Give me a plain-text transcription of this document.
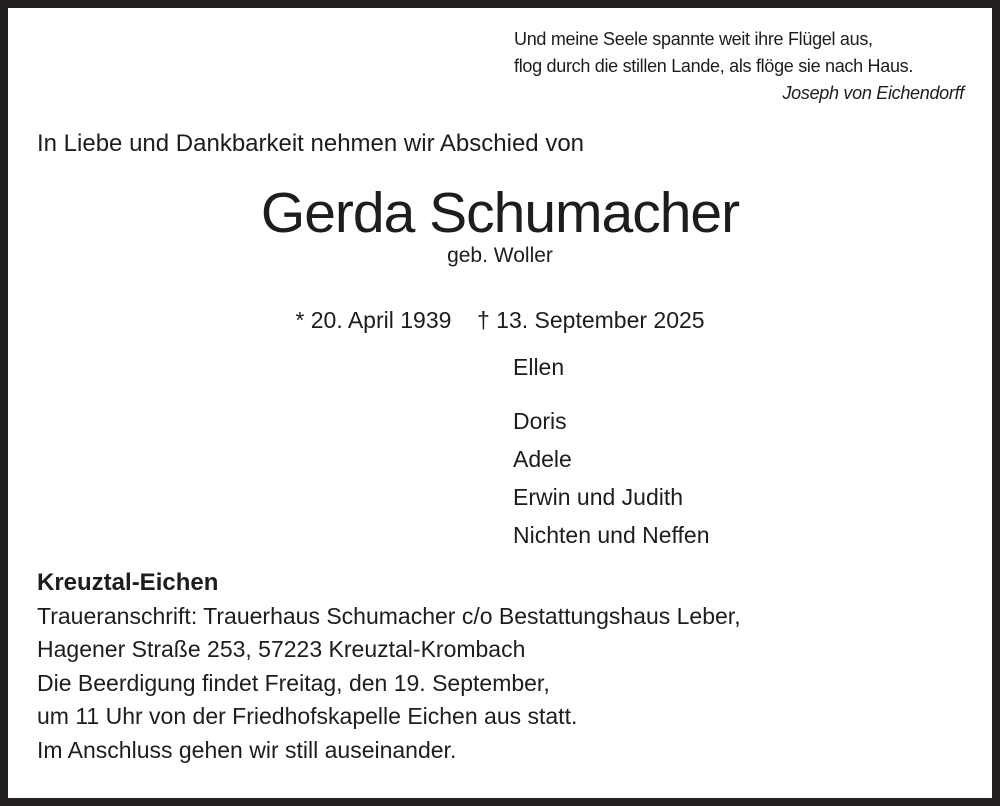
Und meine Seele spannte weit ihre Flügel aus,
flog durch die stillen Lande, als flöge sie nach Haus.
Joseph von Eichendorff
In Liebe und Dankbarkeit nehmen wir Abschied von
Gerda Schumacher
geb. Woller
* 20. April 1939    † 13. September 2025
Ellen
Doris
Adele
Erwin und Judith
Nichten und Neffen
Kreuztal-Eichen
Traueranschrift: Trauerhaus Schumacher c/o Bestattungshaus Leber,
Hagener Straße 253, 57223 Kreuztal-Krombach
Die Beerdigung findet Freitag, den 19. September,
um 11 Uhr von der Friedhofskapelle Eichen aus statt.
Im Anschluss gehen wir still auseinander.
